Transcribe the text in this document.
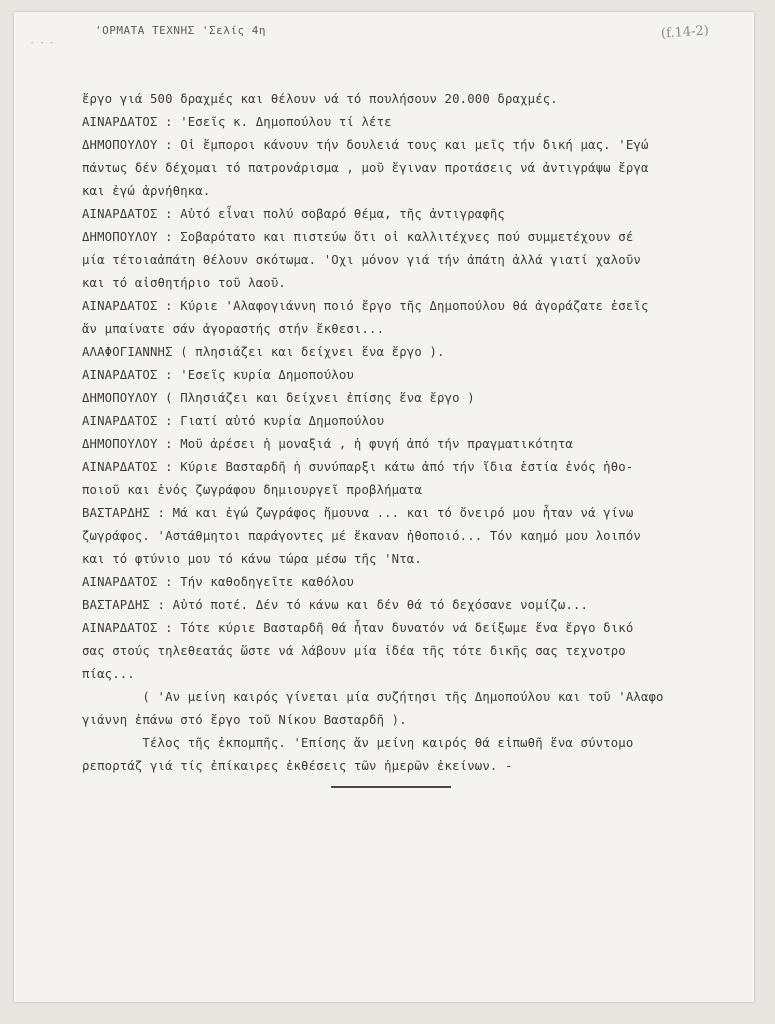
- - -
'ΟΡΜΑΤΑ ΤΕΧΝΗΣ 'Σελίς 4η	(f.14-2)
ἔργο γιά 500 δραχμές και θέλουν νά τό πουλήσουν 20.000 δραχμές.
ΑΙΝΑΡΔΑΤΟΣ : 'Εσεῖς κ. Δημοπούλου τί λέτε
ΔΗΜΟΠΟΥΛΟΥ : Οἱ ἔμποροι κάνουν τήν δουλειά τους και μεῖς τήν δική μας. 'Εγώ
πάντως δέν δέχομαι τό πατρονάρισμα , μοῦ ἔγιναν προτάσεις νά ἀντιγράψω ἔργα
και ἐγώ ἀρνήθηκα.
ΑΙΝΑΡΔΑΤΟΣ : Αὐτό εἶναι πολύ σοβαρό θέμα, τῆς ἀντιγραφῆς
ΔΗΜΟΠΟΥΛΟΥ : Σοβαρότατο και πιστεύω ὅτι οἱ καλλιτέχνες πού συμμετέχουν σέ
μία τέτοιαἀπάτη θέλουν σκότωμα. 'Οχι μόνον γιά τήν ἀπάτη ἀλλά γιατί χαλοῦν
και τό αἰσθητήριο τοῦ λαοῦ.
ΑΙΝΑΡΔΑΤΟΣ : Κύριε 'Αλαφογιάννη ποιό ἔργο τῆς Δημοπούλου θά ἀγοράζατε ἐσεῖς
ἄν μπαίνατε σάν ἀγοραστής στήν ἔκθεσι...
ΑΛΑΦΟΓΙΑΝΝΗΣ ( πλησιάζει και δείχνει ἕνα ἔργο ).
ΑΙΝΑΡΔΑΤΟΣ : 'Εσεῖς κυρία Δημοπούλου
ΔΗΜΟΠΟΥΛΟΥ ( Πλησιάζει και δείχνει ἐπίσης ἕνα ἔργο )
ΑΙΝΑΡΔΑΤΟΣ : Γιατί αὐτό κυρία Δημοπούλου
ΔΗΜΟΠΟΥΛΟΥ : Μοῦ ἀρέσει ἡ μοναξιά , ἡ φυγή ἀπό τήν πραγματικότητα
ΑΙΝΑΡΔΑΤΟΣ : Κύριε Βασταρδῆ ἡ συνύπαρξι κάτω ἀπό τήν ἴδια ἑστία ἑνός ἡθο-
ποιοῦ και ἑνός ζωγράφου δημιουργεῖ προβλήματα
ΒΑΣΤΑΡΔΗΣ : Μά και ἐγώ ζωγράφος ἤμουνα ... και τό ὄνειρό μου ἦταν νά γίνω
ζωγράφος. 'Αστάθμητοι παράγοντες μέ ἔκαναν ἠθοποιό... Τόν καημό μου λοιπόν
και τό φτύνιο μου τό κάνω τώρα μέσω τῆς 'Ντα.
ΑΙΝΑΡΔΑΤΟΣ : Τήν καθοδηγεῖτε καθόλου
ΒΑΣΤΑΡΔΗΣ : Αὐτό ποτέ. Δέν τό κάνω και δέν θά τό δεχόσανε νομίζω...
ΑΙΝΑΡΔΑΤΟΣ : Τότε κύριε Βασταρδῆ θά ἦταν δυνατόν νά δείξωμε ἕνα ἔργο δικό
σας στούς τηλεθεατάς ὥστε νά λάβουν μία ἰδέα τῆς τότε δικῆς σας τεχνοτρο
πίας...
( 'Αν μείνη καιρός γίνεται μία συζήτησι τῆς Δημοπούλου και τοῦ 'Αλαφο
γιάννη ἐπάνω στό ἔργο τοῦ Νίκου Βασταρδῆ ).
Τέλος τῆς ἐκπομπῆς. 'Επίσης ἄν μείνη καιρός θά εἰπωθῆ ἕνα σύντομο
ρεπορτάζ γιά τίς ἐπίκαιρες ἐκθέσεις τῶν ἡμερῶν ἐκείνων. -
